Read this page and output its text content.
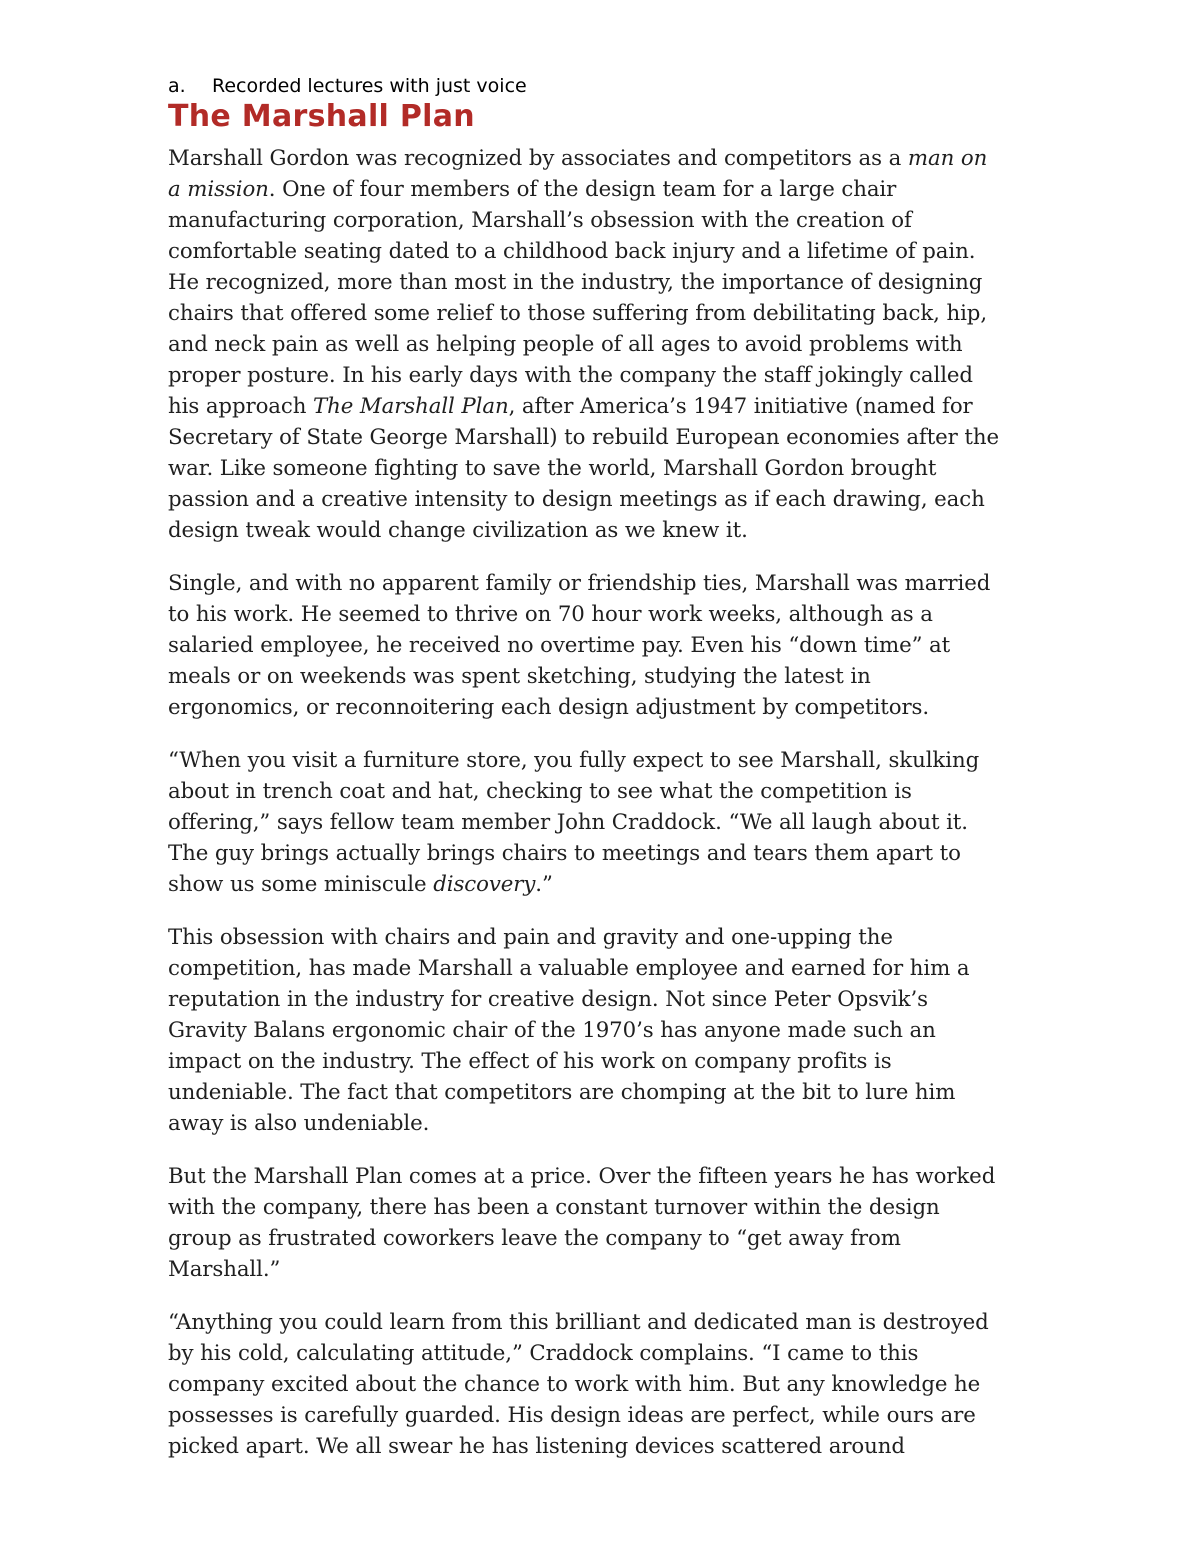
a. Recorded lectures with just voice
The Marshall Plan

Marshall Gordon was recognized by associates and competitors as a man on
a mission. One of four members of the design team for a large chair
manufacturing corporation, Marshall’s obsession with the creation of
comfortable seating dated to a childhood back injury and a lifetime of pain.
He recognized, more than most in the industry, the importance of designing
chairs that offered some relief to those suffering from debilitating back, hip,
and neck pain as well as helping people of all ages to avoid problems with
proper posture. In his early days with the company the staff jokingly called
his approach The Marshall Plan, after America’s 1947 initiative (named for
Secretary of State George Marshall) to rebuild European economies after the
war. Like someone fighting to save the world, Marshall Gordon brought
passion and a creative intensity to design meetings as if each drawing, each
design tweak would change civilization as we knew it.

Single, and with no apparent family or friendship ties, Marshall was married
to his work. He seemed to thrive on 70 hour work weeks, although as a
salaried employee, he received no overtime pay. Even his “down time” at
meals or on weekends was spent sketching, studying the latest in
ergonomics, or reconnoitering each design adjustment by competitors.

“When you visit a furniture store, you fully expect to see Marshall, skulking
about in trench coat and hat, checking to see what the competition is
offering,” says fellow team member John Craddock. “We all laugh about it.
The guy brings actually brings chairs to meetings and tears them apart to
show us some miniscule discovery.”

This obsession with chairs and pain and gravity and one-upping the
competition, has made Marshall a valuable employee and earned for him a
reputation in the industry for creative design. Not since Peter Opsvik’s
Gravity Balans ergonomic chair of the 1970’s has anyone made such an
impact on the industry. The effect of his work on company profits is
undeniable. The fact that competitors are chomping at the bit to lure him
away is also undeniable.

But the Marshall Plan comes at a price. Over the fifteen years he has worked
with the company, there has been a constant turnover within the design
group as frustrated coworkers leave the company to “get away from
Marshall.”

“Anything you could learn from this brilliant and dedicated man is destroyed
by his cold, calculating attitude,” Craddock complains. “I came to this
company excited about the chance to work with him. But any knowledge he
possesses is carefully guarded. His design ideas are perfect, while ours are
picked apart. We all swear he has listening devices scattered around
